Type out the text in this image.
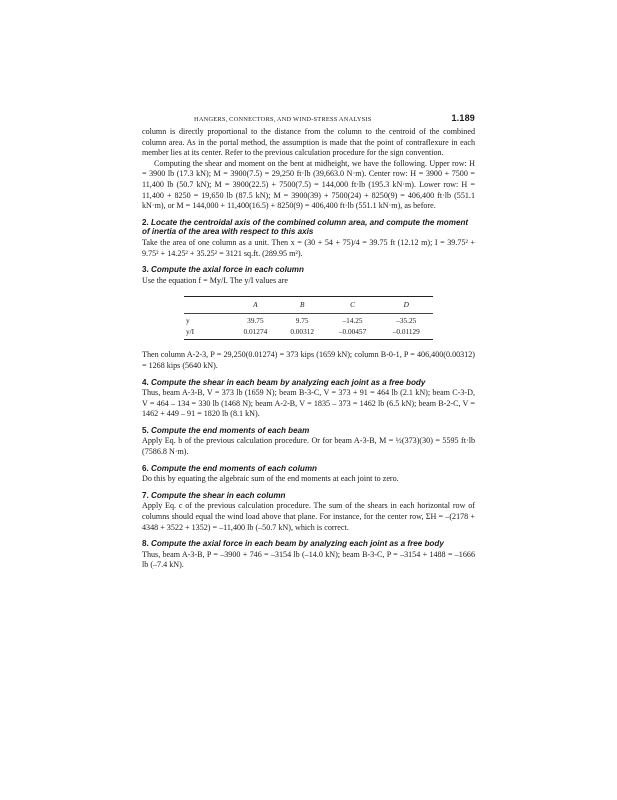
HANGERS, CONNECTORS, AND WIND-STRESS ANALYSIS	1.189

column is directly proportional to the distance from the column to the centroid of the combined column area. As in the portal method, the assumption is made that the point of contraflexure in each member lies at its center. Refer to the previous calculation procedure for the sign convention.

Computing the shear and moment on the bent at midheight, we have the following. Upper row: H = 3900 lb (17.3 kN); M = 3900(7.5) = 29,250 ft·lb (39,663.0 N·m). Center row: H = 3900 + 7500 = 11,400 lb (50.7 kN); M = 3900(22.5) + 7500(7.5) = 144,000 ft·lb (195.3 kN·m). Lower row: H = 11,400 + 8250 = 19,650 lb (87.5 kN); M = 3900(39) + 7500(24) + 8250(9) = 406,400 ft·lb (551.1 kN·m), or M = 144,000 + 11,400(16.5) + 8250(9) = 406,400 ft·lb (551.1 kN·m), as before.

2. Locate the centroidal axis of the combined column area, and compute the moment of inertia of the area with respect to this axis

Take the area of one column as a unit. Then x = (30 + 54 + 75)/4 = 39.75 ft (12.12 m); I = 39.75² + 9.75² + 14.25² + 35.25² = 3121 sq.ft. (289.95 m²).

3. Compute the axial force in each column

Use the equation f = My/I. The y/I values are

	A	B	C	D
y	39.75	9.75	–14.25	–35.25
y/I	0.01274	0.00312	–0.00457	–0.01129

Then column A-2-3, P = 29,250(0.01274) = 373 kips (1659 kN); column B-0-1, P = 406,400(0.00312) = 1268 kips (5640 kN).

4. Compute the shear in each beam by analyzing each joint as a free body

Thus, beam A-3-B, V = 373 lb (1659 N); beam B-3-C, V = 373 + 91 = 464 lb (2.1 kN); beam C-3-D, V = 464 – 134 = 330 lb (1468 N); beam A-2-B, V = 1835 – 373 = 1462 lb (6.5 kN); beam B-2-C, V = 1462 + 449 – 91 = 1820 lb (8.1 kN).

5. Compute the end moments of each beam

Apply Eq. b of the previous calculation procedure. Or for beam A-3-B, M = ½(373)(30) = 5595 ft·lb (7586.8 N·m).

6. Compute the end moments of each column

Do this by equating the algebraic sum of the end moments at each joint to zero.

7. Compute the shear in each column

Apply Eq. c of the previous calculation procedure. The sum of the shears in each horizontal row of columns should equal the wind load above that plane. For instance, for the center row, ΣH = –(2178 + 4348 + 3522 + 1352) = –11,400 lb (–50.7 kN), which is correct.

8. Compute the axial force in each beam by analyzing each joint as a free body

Thus, beam A-3-B, P = –3900 + 746 = –3154 lb (–14.0 kN); beam B-3-C, P = –3154 + 1488 = –1666 lb (–7.4 kN).
